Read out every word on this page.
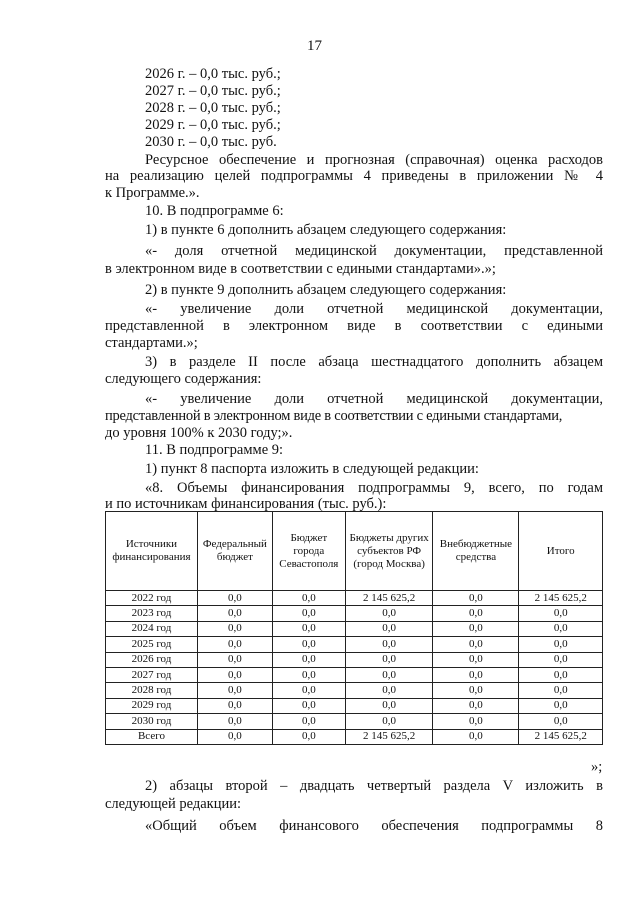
17
2026 г. – 0,0 тыс. руб.;
2027 г. – 0,0 тыс. руб.;
2028 г. – 0,0 тыс. руб.;
2029 г. – 0,0 тыс. руб.;
2030 г. – 0,0 тыс. руб.
Ресурсное обеспечение и прогнозная (справочная) оценка расходов
на реализацию целей подпрограммы 4 приведены в приложении № 4
к Программе.».
10. В подпрограмме 6:
1) в пункте 6 дополнить абзацем следующего содержания:
«- доля отчетной медицинской документации, представленной
в электронном виде в соответствии с едиными стандартами».»;
2) в пункте 9 дополнить абзацем следующего содержания:
«- увеличение доли отчетной медицинской документации,
представленной в электронном виде в соответствии с едиными
стандартами.»;
3) в разделе II после абзаца шестнадцатого дополнить абзацем
следующего содержания:
«- увеличение доли отчетной медицинской документации,
представленной в электронном виде в соответствии с едиными стандартами,
до уровня 100% к 2030 году;».
11. В подпрограмме 9:
1) пункт 8 паспорта изложить в следующей редакции:
«8. Объемы финансирования подпрограммы 9, всего, по годам
и по источникам финансирования (тыс. руб.):
Источники финансирования	Федеральный бюджет	Бюджет города Севастополя	Бюджеты других субъектов РФ (город Москва)	Внебюджетные средства	Итого
2022 год	0,0	0,0	2 145 625,2	0,0	2 145 625,2
2023 год	0,0	0,0	0,0	0,0	0,0
2024 год	0,0	0,0	0,0	0,0	0,0
2025 год	0,0	0,0	0,0	0,0	0,0
2026 год	0,0	0,0	0,0	0,0	0,0
2027 год	0,0	0,0	0,0	0,0	0,0
2028 год	0,0	0,0	0,0	0,0	0,0
2029 год	0,0	0,0	0,0	0,0	0,0
2030 год	0,0	0,0	0,0	0,0	0,0
Всего	0,0	0,0	2 145 625,2	0,0	2 145 625,2
»;
2) абзацы второй – двадцать четвертый раздела V изложить в
следующей редакции:
«Общий объем финансового обеспечения подпрограммы 8
